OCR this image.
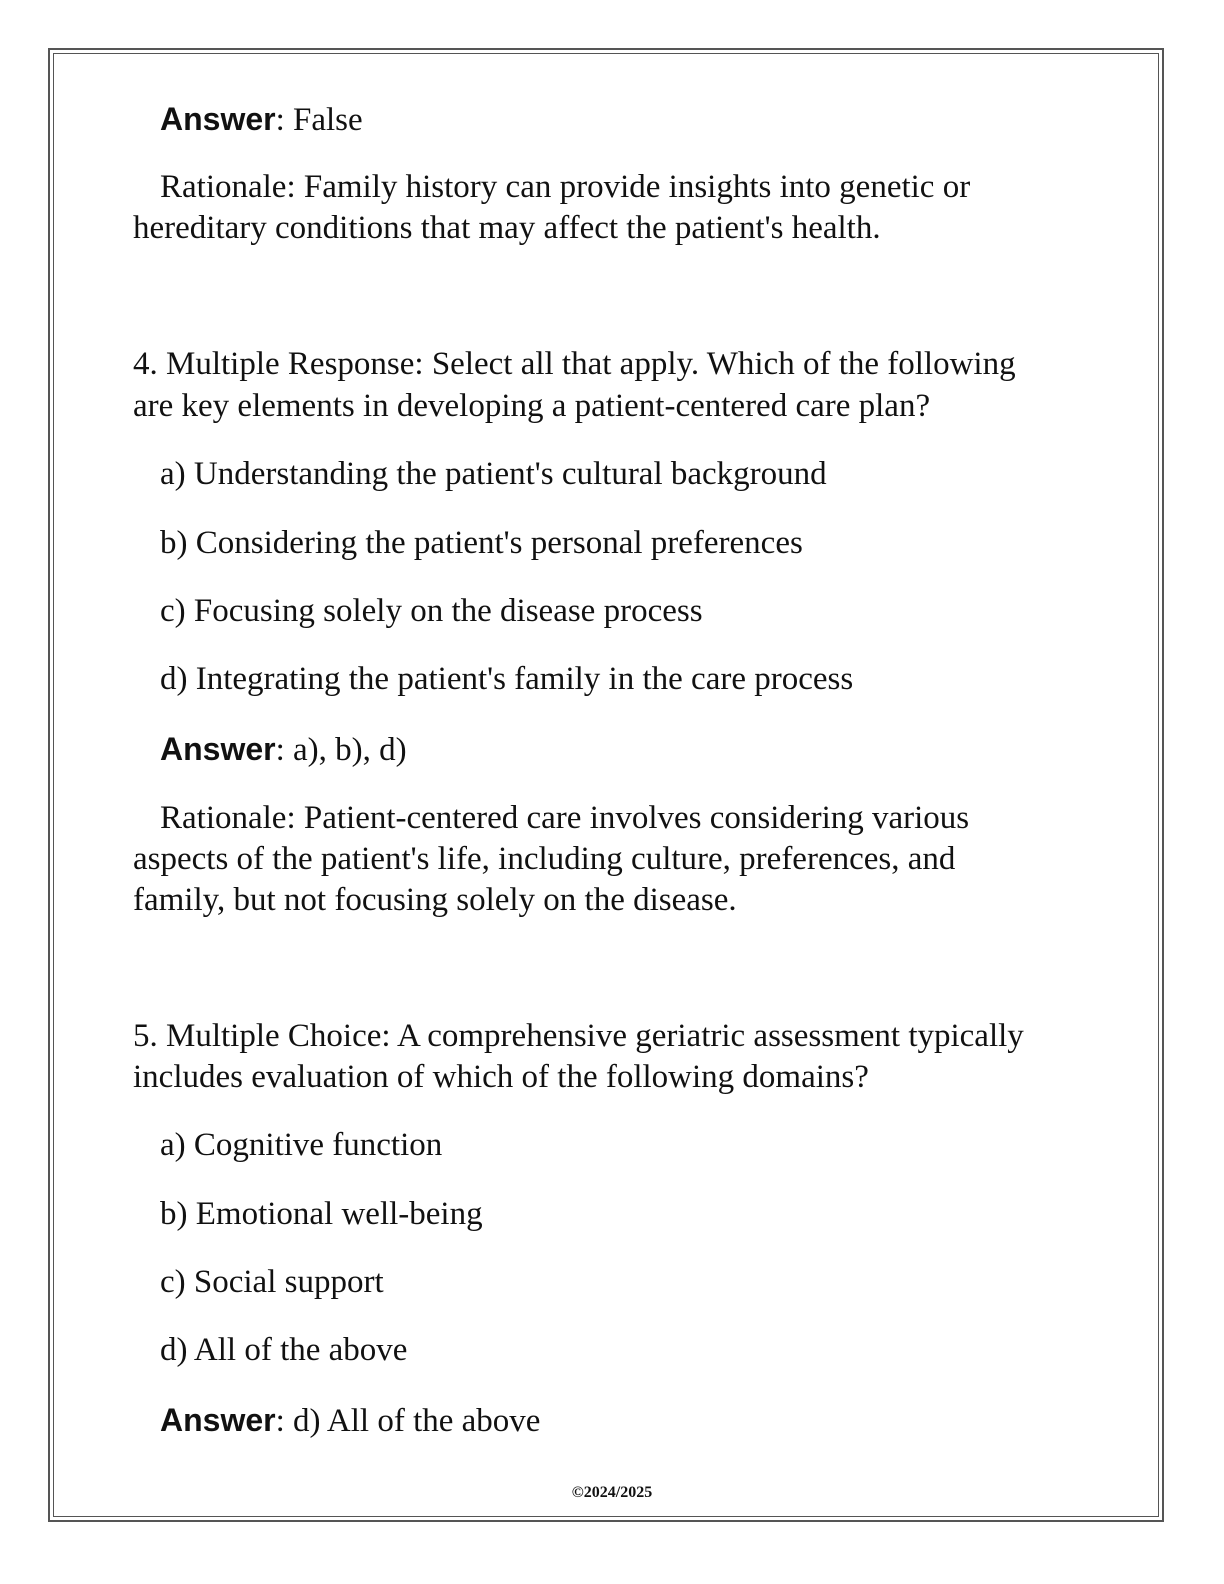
Answer: False
Rationale: Family history can provide insights into genetic or
hereditary conditions that may affect the patient's health.
4. Multiple Response: Select all that apply. Which of the following
are key elements in developing a patient-centered care plan?
a) Understanding the patient's cultural background
b) Considering the patient's personal preferences
c) Focusing solely on the disease process
d) Integrating the patient's family in the care process
Answer: a), b), d)
Rationale: Patient-centered care involves considering various
aspects of the patient's life, including culture, preferences, and
family, but not focusing solely on the disease.
5. Multiple Choice: A comprehensive geriatric assessment typically
includes evaluation of which of the following domains?
a) Cognitive function
b) Emotional well-being
c) Social support
d) All of the above
Answer: d) All of the above
©2024/2025
